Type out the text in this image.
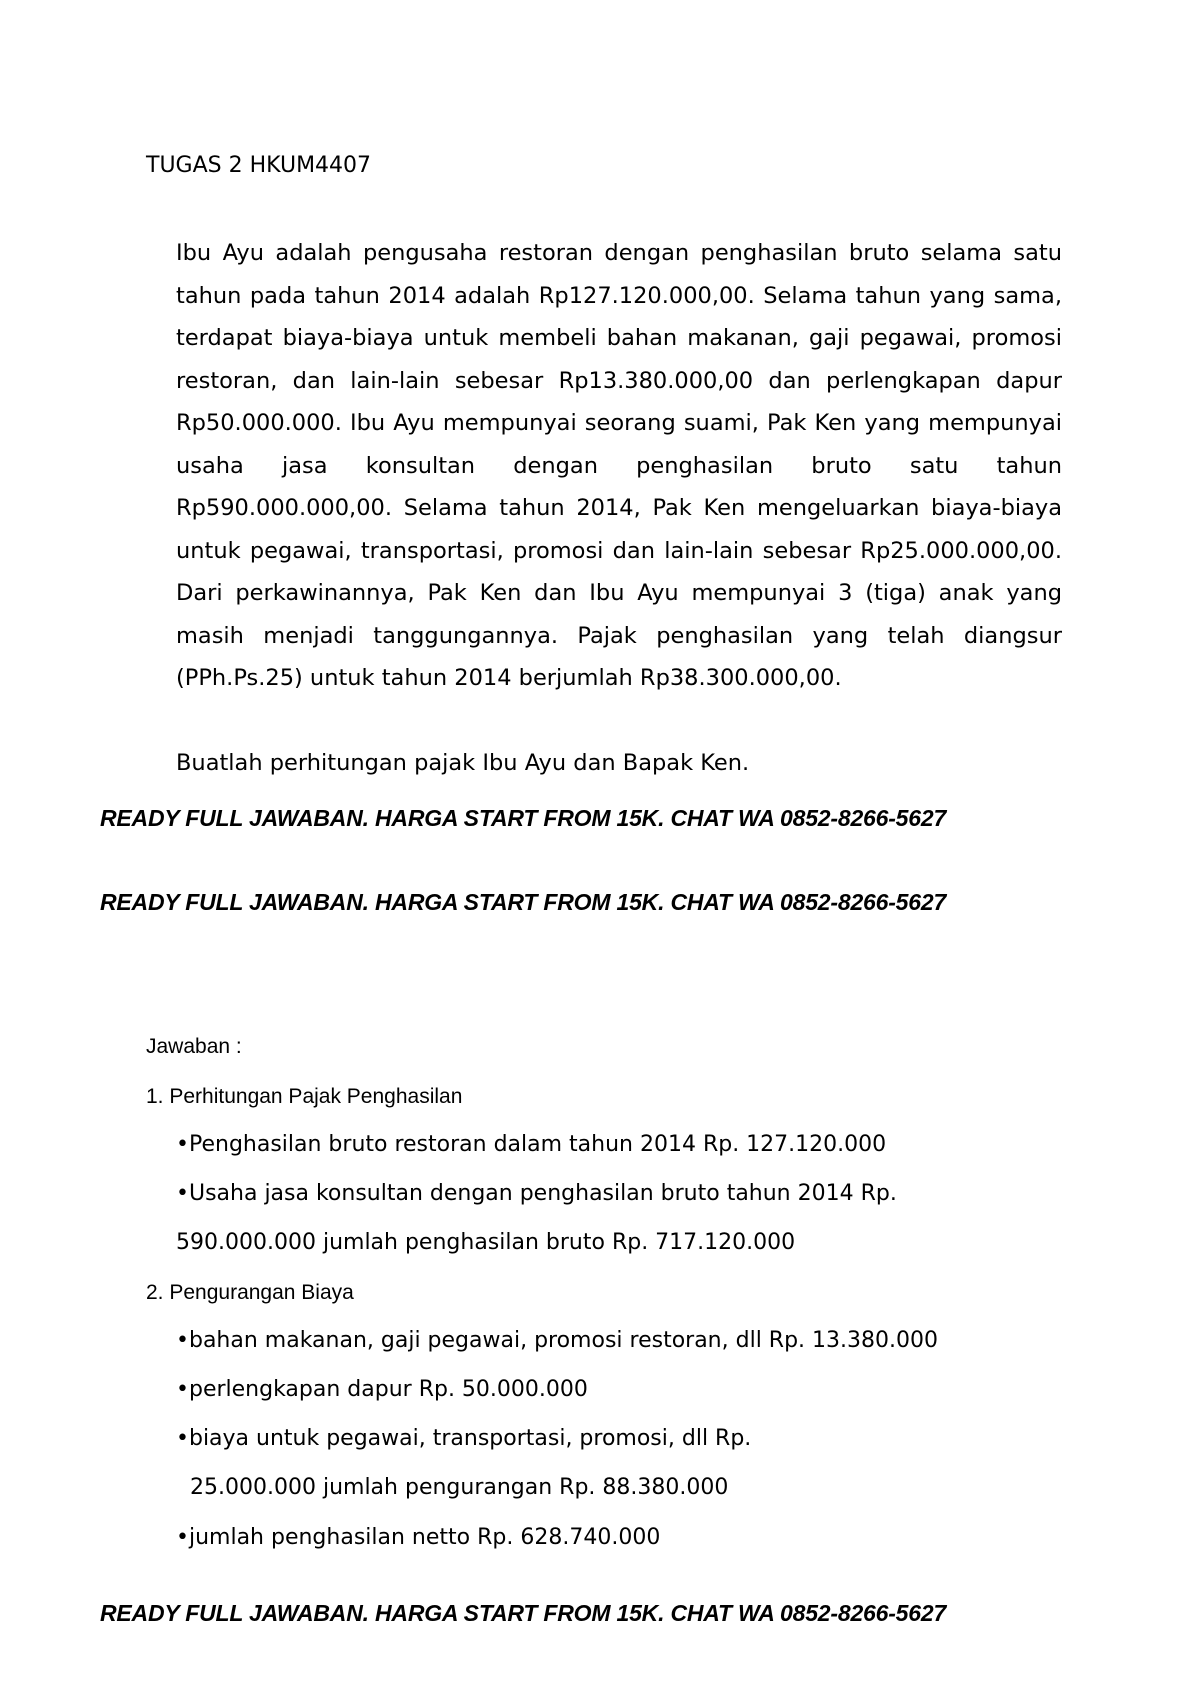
TUGAS 2 HKUM4407

Ibu Ayu adalah pengusaha restoran dengan penghasilan bruto selama satu tahun pada tahun 2014 adalah Rp127.120.000,00. Selama tahun yang sama, terdapat biaya-biaya untuk membeli bahan makanan, gaji pegawai, promosi restoran, dan lain-lain sebesar Rp13.380.000,00 dan perlengkapan dapur Rp50.000.000. Ibu Ayu mempunyai seorang suami, Pak Ken yang mempunyai usaha jasa konsultan dengan penghasilan bruto satu tahun Rp590.000.000,00. Selama tahun 2014, Pak Ken mengeluarkan biaya-biaya untuk pegawai, transportasi, promosi dan lain-lain sebesar Rp25.000.000,00. Dari perkawinannya, Pak Ken dan Ibu Ayu mempunyai 3 (tiga) anak yang masih menjadi tanggungannya. Pajak penghasilan yang telah diangsur (PPh.Ps.25) untuk tahun 2014 berjumlah Rp38.300.000,00.

Buatlah perhitungan pajak Ibu Ayu dan Bapak Ken.
READY FULL JAWABAN. HARGA START FROM 15K. CHAT WA 0852-8266-5627
READY FULL JAWABAN. HARGA START FROM 15K. CHAT WA 0852-8266-5627
Jawaban :
1. Perhitungan Pajak Penghasilan
•Penghasilan bruto restoran dalam tahun 2014 Rp. 127.120.000
•Usaha jasa konsultan dengan penghasilan bruto tahun 2014 Rp.
590.000.000 jumlah penghasilan bruto Rp. 717.120.000
2. Pengurangan Biaya
•bahan makanan, gaji pegawai, promosi restoran, dll Rp. 13.380.000
•perlengkapan dapur Rp. 50.000.000
•biaya untuk pegawai, transportasi, promosi, dll Rp.
25.000.000 jumlah pengurangan Rp. 88.380.000
•jumlah penghasilan netto Rp. 628.740.000
READY FULL JAWABAN. HARGA START FROM 15K. CHAT WA 0852-8266-5627
